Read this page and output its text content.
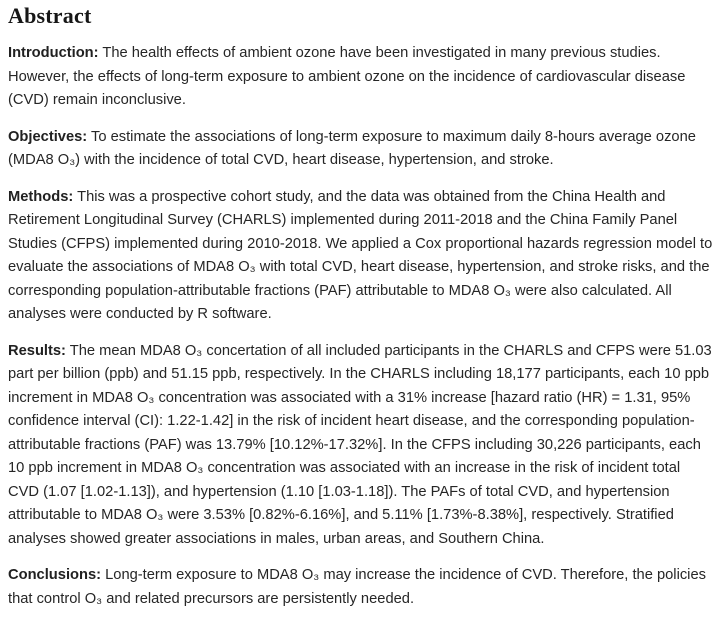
Abstract

Introduction: The health effects of ambient ozone have been investigated in many previous studies. However, the effects of long-term exposure to ambient ozone on the incidence of cardiovascular disease (CVD) remain inconclusive.

Objectives: To estimate the associations of long-term exposure to maximum daily 8-hours average ozone (MDA8 O₃) with the incidence of total CVD, heart disease, hypertension, and stroke.

Methods: This was a prospective cohort study, and the data was obtained from the China Health and Retirement Longitudinal Survey (CHARLS) implemented during 2011-2018 and the China Family Panel Studies (CFPS) implemented during 2010-2018. We applied a Cox proportional hazards regression model to evaluate the associations of MDA8 O₃ with total CVD, heart disease, hypertension, and stroke risks, and the corresponding population-attributable fractions (PAF) attributable to MDA8 O₃ were also calculated. All analyses were conducted by R software.

Results: The mean MDA8 O₃ concertation of all included participants in the CHARLS and CFPS were 51.03 part per billion (ppb) and 51.15 ppb, respectively. In the CHARLS including 18,177 participants, each 10 ppb increment in MDA8 O₃ concentration was associated with a 31% increase [hazard ratio (HR) = 1.31, 95% confidence interval (CI): 1.22-1.42] in the risk of incident heart disease, and the corresponding population-attributable fractions (PAF) was 13.79% [10.12%-17.32%]. In the CFPS including 30,226 participants, each 10 ppb increment in MDA8 O₃ concentration was associated with an increase in the risk of incident total CVD (1.07 [1.02-1.13]), and hypertension (1.10 [1.03-1.18]). The PAFs of total CVD, and hypertension attributable to MDA8 O₃ were 3.53% [0.82%-6.16%], and 5.11% [1.73%-8.38%], respectively. Stratified analyses showed greater associations in males, urban areas, and Southern China.

Conclusions: Long-term exposure to MDA8 O₃ may increase the incidence of CVD. Therefore, the policies that control O₃ and related precursors are persistently needed.
